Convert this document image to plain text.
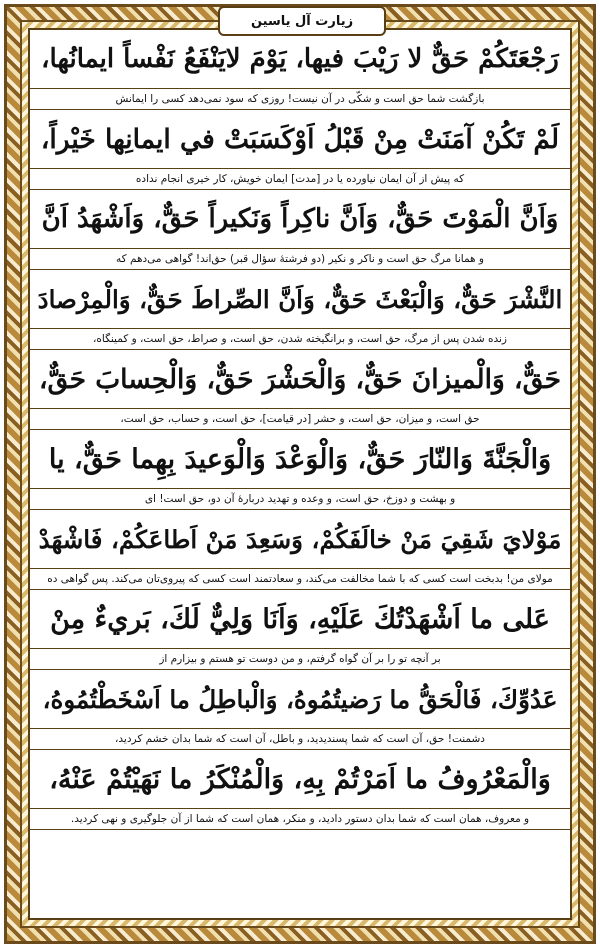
زیارت آل یاسین
رَجْعَتَكُمْ حَقٌّ لا رَيْبَ فيها، يَوْمَ لايَنْفَعُ نَفْساً ايمانُها،
بازگشت شما حق است و شکّی در آن نیست! روزی که سود نمی‌دهد کسی را ایمانش
لَمْ تَكُنْ آمَنَتْ مِنْ قَبْلُ اَوْكَسَبَتْ في ايمانِها خَيْراً،
که پیش از آن ایمان نیاورده یا در [مدت] ایمان خویش، کار خیری انجام نداده
وَاَنَّ الْمَوْتَ حَقٌّ، وَاَنَّ ناكِراً وَنَكيراً حَقٌّ، وَاَشْهَدُ اَنَّ
و همانا مرگ حق است و ناکر و نکیر (دو فرشتهٔ سؤال قبر) حق‌اند! گواهی می‌دهم که
النَّشْرَ حَقٌّ، وَالْبَعْثَ حَقٌّ، وَاَنَّ الصِّراطَ حَقٌّ، وَالْمِرْصادَ
زنده شدن پس از مرگ، حق است، و برانگیخته شدن، حق است، و صراط، حق است، و کمینگاه،
حَقٌّ، وَالْميزانَ حَقٌّ، وَالْحَشْرَ حَقٌّ، وَالْحِسابَ حَقٌّ،
حق است، و میزان، حق است، و حشر [در قیامت]، حق است، و حساب، حق است،
وَالْجَنَّةَ وَالنّارَ حَقٌّ، وَالْوَعْدَ وَالْوَعيدَ بِهِما حَقٌّ، يا
و بهشت و دوزخ، حق است، و وعده و تهدید دربارهٔ آن دو، حق است! ای
مَوْلايَ شَقِيَ مَنْ خالَفَكُمْ، وَسَعِدَ مَنْ اَطاعَكُمْ، فَاشْهَدْ
مولای من! بدبخت است کسی که با شما مخالفت می‌کند، و سعادتمند است کسی که پیروی‌تان می‌کند. پس گواهی ده
عَلى ما اَشْهَدْتُكَ عَلَيْهِ، وَاَنَا وَلِيٌّ لَكَ، بَريءٌ مِنْ
بر آنچه تو را بر آن گواه گرفتم، و من دوست تو هستم و بیزارم از
عَدُوِّكَ، فَالْحَقُّ ما رَضيتُمُوهُ، وَالْباطِلُ ما اَسْخَطْتُمُوهُ،
دشمنت! حق، آن است که شما پسندیدید، و باطل، آن است که شما بدان خشم کردید،
وَالْمَعْرُوفُ ما اَمَرْتُمْ بِهِ، وَالْمُنْكَرُ ما نَهَيْتُمْ عَنْهُ،
و معروف، همان است که شما بدان دستور دادید، و منکر، همان است که شما از آن جلوگیری و نهی کردید.
